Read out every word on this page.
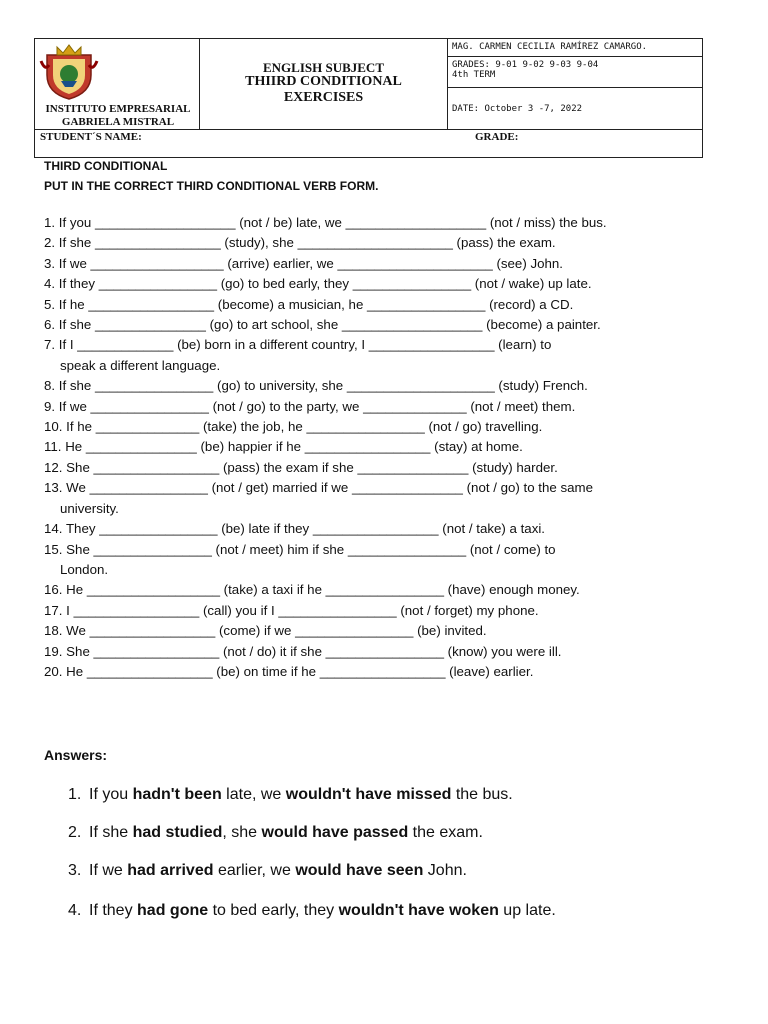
INSTITUTO EMPRESARIAL
GABRIELA MISTRAL
ENGLISH SUBJECT
THIIRD CONDITIONAL
EXERCISES
MAG. CARMEN CECILIA RAMÍREZ CAMARGO.
GRADES: 9-01 9-02 9-03 9-04
4th TERM
DATE: October 3 -7, 2022
STUDENT´S NAME:	GRADE:
THIRD CONDITIONAL
PUT IN THE CORRECT THIRD CONDITIONAL VERB FORM.
1. If you ___________________ (not / be) late, we ___________________ (not / miss) the bus.
2. If she _________________ (study), she _____________________ (pass) the exam.
3. If we __________________ (arrive) earlier, we _____________________ (see) John.
4. If they ________________ (go) to bed early, they ________________ (not / wake) up late.
5. If he _________________ (become) a musician, he ________________ (record) a CD.
6. If she _______________ (go) to art school, she ___________________ (become) a painter.
7. If I _____________ (be) born in a different country, I _________________ (learn) to
speak a different language.
8. If she ________________ (go) to university, she ____________________ (study) French.
9. If we ________________ (not / go) to the party, we ______________ (not / meet) them.
10. If he ______________ (take) the job, he ________________ (not / go) travelling.
11. He _______________ (be) happier if he _________________ (stay) at home.
12. She _________________ (pass) the exam if she _______________ (study) harder.
13. We ________________ (not / get) married if we _______________ (not / go) to the same
university.
14. They ________________ (be) late if they _________________ (not / take) a taxi.
15. She ________________ (not / meet) him if she ________________ (not / come) to
London.
16. He __________________ (take) a taxi if he ________________ (have) enough money.
17. I _________________ (call) you if I ________________ (not / forget) my phone.
18. We _________________ (come) if we ________________ (be) invited.
19. She _________________ (not / do) it if she ________________ (know) you were ill.
20. He _________________ (be) on time if he _________________ (leave) earlier.
Answers:
1. If you hadn't been late, we wouldn't have missed the bus.
2. If she had studied, she would have passed the exam.
3. If we had arrived earlier, we would have seen John.
4. If they had gone to bed early, they wouldn't have woken up late.
